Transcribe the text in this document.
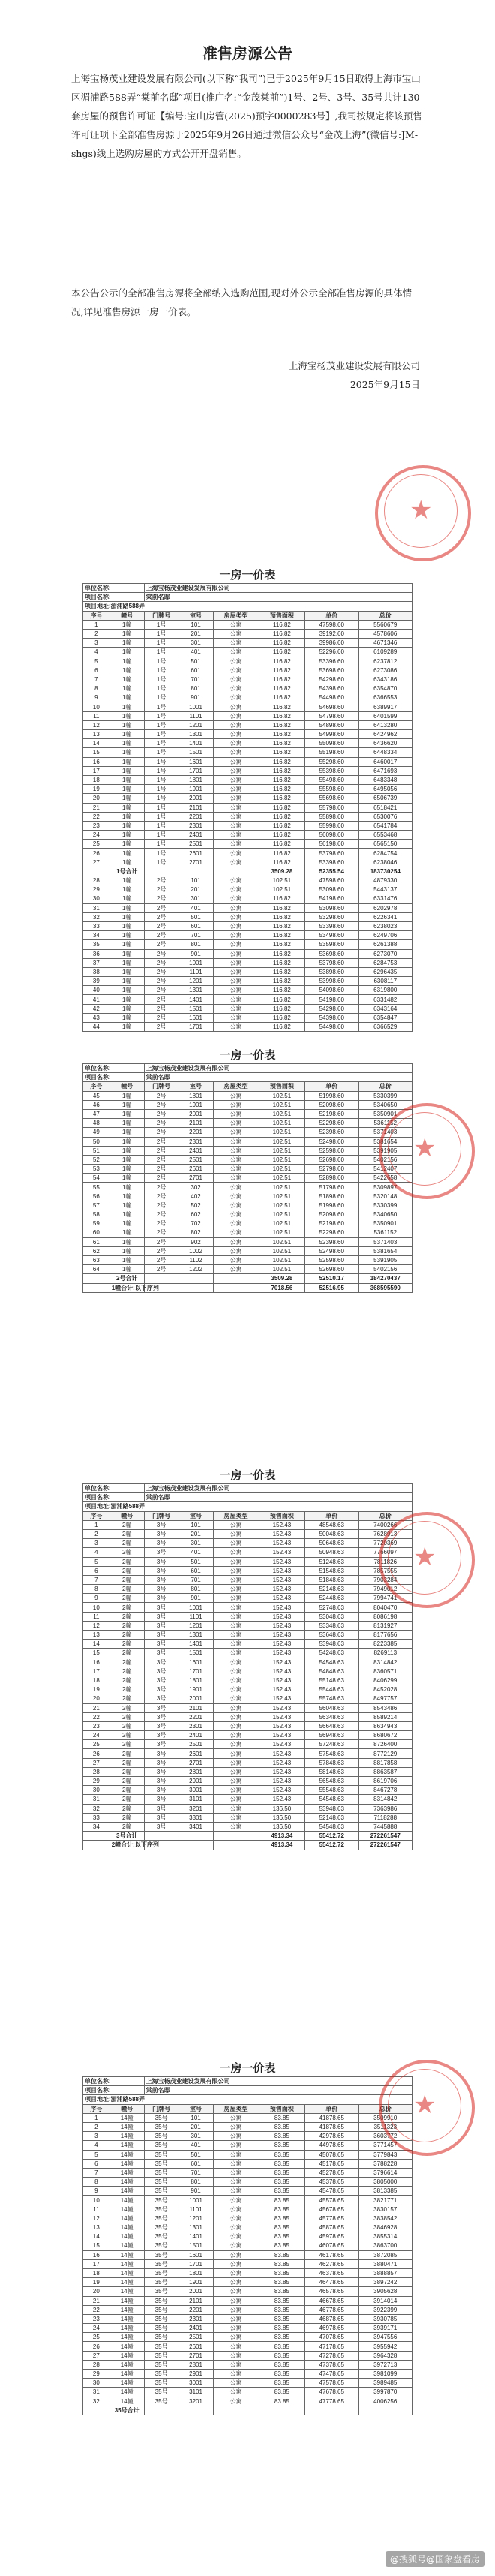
准售房源公告
上海宝杨茂业建设发展有限公司(以下称“我司”)已于2025年9月15日取得上海市宝山区湄浦路588弄“棠前名邸”项目(推广名:“金茂棠前”)1号、2号、3号、35号共计130套房屋的预售许可证【编号:宝山房管(2025)预字0000283号】,我司按规定将该预售许可证项下全部准售房源于2025年9月26日通过微信公众号“金茂上海”(微信号:JM-shgs)线上选购房屋的方式公开开盘销售。
本公告公示的全部准售房源将全部纳入选购范围,现对外公示全部准售房源的具体情况,详见准售房源一房一价表。
上海宝杨茂业建设发展有限公司
2025年9月15日
一房一价表
单位名称:		上海宝杨茂业建设发展有限公司					
项目名称:		棠前名邸					
项目地址:湄浦路588弄							
序号	幢号	门牌号	室号	房屋类型	预售面积	单价	总价
1	1幢	1号	101	公寓	116.82	47598.60	5560679
2	1幢	1号	201	公寓	116.82	39192.60	4578606
3	1幢	1号	301	公寓	116.82	39986.60	4671346
4	1幢	1号	401	公寓	116.82	52296.60	6109289
5	1幢	1号	501	公寓	116.82	53396.60	6237812
6	1幢	1号	601	公寓	116.82	53698.60	6273086
7	1幢	1号	701	公寓	116.82	54298.60	6343186
8	1幢	1号	801	公寓	116.82	54398.60	6354870
9	1幢	1号	901	公寓	116.82	54498.60	6366553
10	1幢	1号	1001	公寓	116.82	54698.60	6389917
11	1幢	1号	1101	公寓	116.82	54798.60	6401599
12	1幢	1号	1201	公寓	116.82	54898.60	6413280
13	1幢	1号	1301	公寓	116.82	54998.60	6424962
14	1幢	1号	1401	公寓	116.82	55098.60	6436620
15	1幢	1号	1501	公寓	116.82	55198.60	6448334
16	1幢	1号	1601	公寓	116.82	55298.60	6460017
17	1幢	1号	1701	公寓	116.82	55398.60	6471693
18	1幢	1号	1801	公寓	116.82	55498.60	6483348
19	1幢	1号	1901	公寓	116.82	55598.60	6495056
20	1幢	1号	2001	公寓	116.82	55698.60	6506739
21	1幢	1号	2101	公寓	116.82	55798.60	6518421
22	1幢	1号	2201	公寓	116.82	55898.60	6530076
23	1幢	1号	2301	公寓	116.82	55998.60	6541784
24	1幢	1号	2401	公寓	116.82	56098.60	6553468
25	1幢	1号	2501	公寓	116.82	56198.60	6565150
26	1幢	1号	2601	公寓	116.82	53798.60	6284754
27	1幢	1号	2701	公寓	116.82	53398.60	6238046
	1号合计				3509.28	52355.54	183730254
28	1幢	2号	101	公寓	102.51	47598.60	4879330
29	1幢	2号	201	公寓	102.51	53098.60	5443137
30	1幢	2号	301	公寓	116.82	54198.60	6331476
31	1幢	2号	401	公寓	116.82	53098.60	6202978
32	1幢	2号	501	公寓	116.82	53298.60	6226341
33	1幢	2号	601	公寓	116.82	53398.60	6238023
34	1幢	2号	701	公寓	116.82	53498.60	6249706
35	1幢	2号	801	公寓	116.82	53598.60	6261388
36	1幢	2号	901	公寓	116.82	53698.60	6273070
37	1幢	2号	1001	公寓	116.82	53798.60	6284753
38	1幢	2号	1101	公寓	116.82	53898.60	6296435
39	1幢	2号	1201	公寓	116.82	53998.60	6308117
40	1幢	2号	1301	公寓	116.82	54098.60	6319800
41	1幢	2号	1401	公寓	116.82	54198.60	6331482
42	1幢	2号	1501	公寓	116.82	54298.60	6343164
43	1幢	2号	1601	公寓	116.82	54398.60	6354847
44	1幢	2号	1701	公寓	116.82	54498.60	6366529
一房一价表
单位名称:		上海宝杨茂业建设发展有限公司					
项目名称:		棠前名邸					
序号	幢号	门牌号	室号	房屋类型	预售面积	单价	总价
45	1幢	2号	1801	公寓	102.51	51998.60	5330399
46	1幢	2号	1901	公寓	102.51	52098.60	5340650
47	1幢	2号	2001	公寓	102.51	52198.60	5350901
48	1幢	2号	2101	公寓	102.51	52298.60	5361152
49	1幢	2号	2201	公寓	102.51	52398.60	5371403
50	1幢	2号	2301	公寓	102.51	52498.60	5381654
51	1幢	2号	2401	公寓	102.51	52598.60	5391905
52	1幢	2号	2501	公寓	102.51	52698.60	5402156
53	1幢	2号	2601	公寓	102.51	52798.60	5412407
54	1幢	2号	2701	公寓	102.51	52898.60	5422658
55	1幢	2号	302	公寓	102.51	51798.60	5309897
56	1幢	2号	402	公寓	102.51	51898.60	5320148
57	1幢	2号	502	公寓	102.51	51998.60	5330399
58	1幢	2号	602	公寓	102.51	52098.60	5340650
59	1幢	2号	702	公寓	102.51	52198.60	5350901
60	1幢	2号	802	公寓	102.51	52298.60	5361152
61	1幢	2号	902	公寓	102.51	52398.60	5371403
62	1幢	2号	1002	公寓	102.51	52498.60	5381654
63	1幢	2号	1102	公寓	102.51	52598.60	5391905
64	1幢	2号	1202	公寓	102.51	52698.60	5402156
	2号合计				3509.28	52510.17	184270437
	1幢合计:以下序列				7018.56	52516.95	368595590
一房一价表
单位名称:		上海宝杨茂业建设发展有限公司					
项目名称:		棠前名邸					
项目地址:湄浦路588弄							
序号	幢号	门牌号	室号	房屋类型	预售面积	单价	总价
1	2幢	3号	101	公寓	152.43	48548.63	7400266
2	2幢	3号	201	公寓	152.43	50048.63	7628913
3	2幢	3号	301	公寓	152.43	50648.63	7720369
4	2幢	3号	401	公寓	152.43	50948.63	7766097
5	2幢	3号	501	公寓	152.43	51248.63	7811826
6	2幢	3号	601	公寓	152.43	51548.63	7857555
7	2幢	3号	701	公寓	152.43	51848.63	7903284
8	2幢	3号	801	公寓	152.43	52148.63	7949012
9	2幢	3号	901	公寓	152.43	52448.63	7994741
10	2幢	3号	1001	公寓	152.43	52748.63	8040470
11	2幢	3号	1101	公寓	152.43	53048.63	8086198
12	2幢	3号	1201	公寓	152.43	53348.63	8131927
13	2幢	3号	1301	公寓	152.43	53648.63	8177656
14	2幢	3号	1401	公寓	152.43	53948.63	8223385
15	2幢	3号	1501	公寓	152.43	54248.63	8269113
16	2幢	3号	1601	公寓	152.43	54548.63	8314842
17	2幢	3号	1701	公寓	152.43	54848.63	8360571
18	2幢	3号	1801	公寓	152.43	55148.63	8406299
19	2幢	3号	1901	公寓	152.43	55448.63	8452028
20	2幢	3号	2001	公寓	152.43	55748.63	8497757
21	2幢	3号	2101	公寓	152.43	56048.63	8543486
22	2幢	3号	2201	公寓	152.43	56348.63	8589214
23	2幢	3号	2301	公寓	152.43	56648.63	8634943
24	2幢	3号	2401	公寓	152.43	56948.63	8680672
25	2幢	3号	2501	公寓	152.43	57248.63	8726400
26	2幢	3号	2601	公寓	152.43	57548.63	8772129
27	2幢	3号	2701	公寓	152.43	57848.63	8817858
28	2幢	3号	2801	公寓	152.43	58148.63	8863587
29	2幢	3号	2901	公寓	152.43	56548.63	8619706
30	2幢	3号	3001	公寓	152.43	55548.63	8467278
31	2幢	3号	3101	公寓	152.43	54548.63	8314842
32	2幢	3号	3201	公寓	136.50	53948.63	7363986
33	2幢	3号	3301	公寓	136.50	52148.63	7118288
34	2幢	3号	3401	公寓	136.50	54548.63	7445888
	3号合计				4913.34	55412.72	272261547
	2幢合计:以下序列				4913.34	55412.72	272261547
一房一价表
单位名称:		上海宝杨茂业建设发展有限公司					
项目名称:		棠前名邸					
项目地址:湄浦路588弄							
序号	幢号	门牌号	室号	房屋类型	预售面积	单价	总价
1	14幢	35号	101	公寓	83.85	41878.65	3509910
2	14幢	35号	201	公寓	83.85	41878.65	3511323
3	14幢	35号	301	公寓	83.85	42978.65	3603772
4	14幢	35号	401	公寓	83.85	44978.65	3771457
5	14幢	35号	501	公寓	83.85	45078.65	3779843
6	14幢	35号	601	公寓	83.85	45178.65	3788228
7	14幢	35号	701	公寓	83.85	45278.65	3796614
8	14幢	35号	801	公寓	83.85	45378.65	3805000
9	14幢	35号	901	公寓	83.85	45478.65	3813385
10	14幢	35号	1001	公寓	83.85	45578.65	3821771
11	14幢	35号	1101	公寓	83.85	45678.65	3830157
12	14幢	35号	1201	公寓	83.85	45778.65	3838542
13	14幢	35号	1301	公寓	83.85	45878.65	3846928
14	14幢	35号	1401	公寓	83.85	45978.65	3855314
15	14幢	35号	1501	公寓	83.85	46078.65	3863700
16	14幢	35号	1601	公寓	83.85	46178.65	3872085
17	14幢	35号	1701	公寓	83.85	46278.65	3880471
18	14幢	35号	1801	公寓	83.85	46378.65	3888857
19	14幢	35号	1901	公寓	83.85	46478.65	3897242
20	14幢	35号	2001	公寓	83.85	46578.65	3905628
21	14幢	35号	2101	公寓	83.85	46678.65	3914014
22	14幢	35号	2201	公寓	83.85	46778.65	3922399
23	14幢	35号	2301	公寓	83.85	46878.65	3930785
24	14幢	35号	2401	公寓	83.85	46978.65	3939171
25	14幢	35号	2501	公寓	83.85	47078.65	3947556
26	14幢	35号	2601	公寓	83.85	47178.65	3955942
27	14幢	35号	2701	公寓	83.85	47278.65	3964328
28	14幢	35号	2801	公寓	83.85	47378.65	3972713
29	14幢	35号	2901	公寓	83.85	47478.65	3981099
30	14幢	35号	3001	公寓	83.85	47578.65	3989485
31	14幢	35号	3101	公寓	83.85	47678.65	3997870
32	14幢	35号	3201	公寓	83.85	47778.65	4006256
	35号合计						
★
★
★
★
@搜狐号@国象盘看房
